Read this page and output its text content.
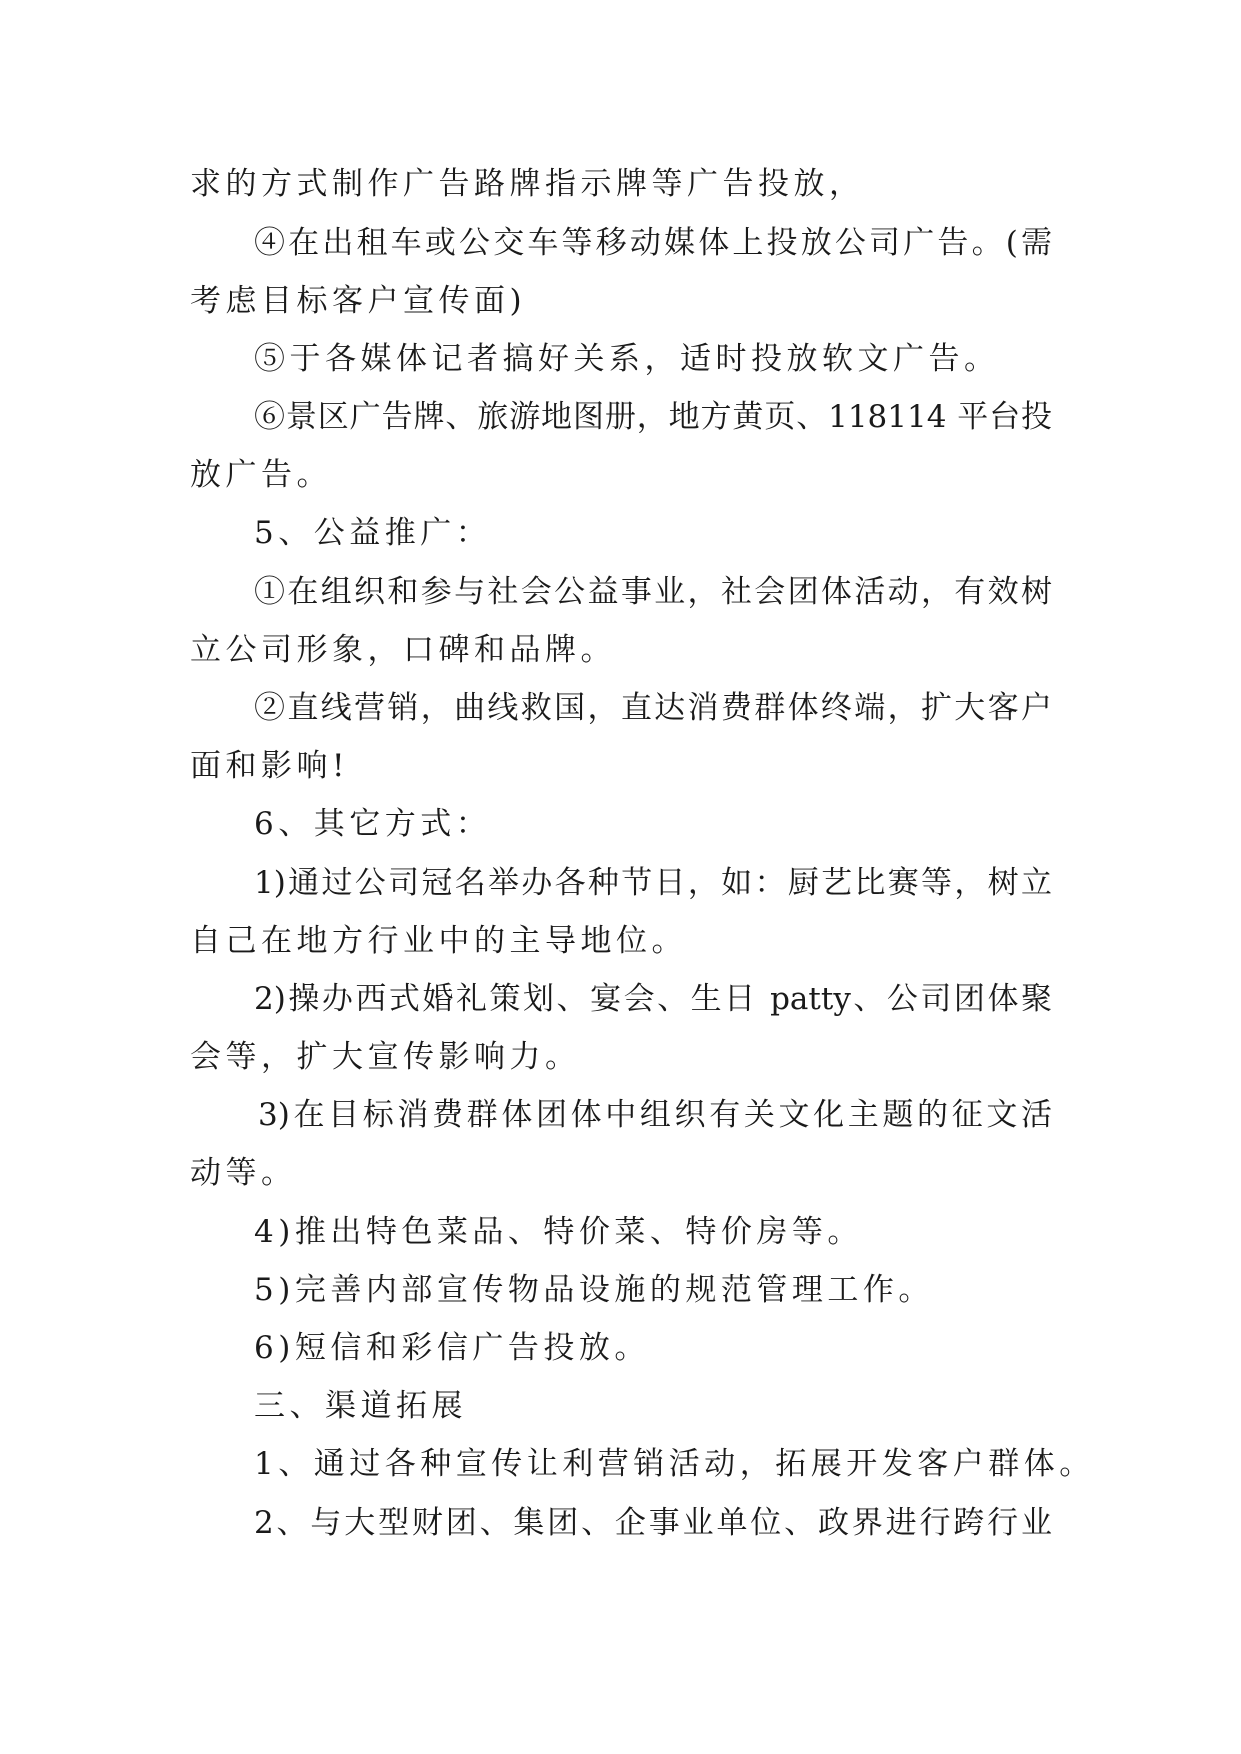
求的方式制作广告路牌指示牌等广告投放，
④在出租车或公交车等移动媒体上投放公司广告。(需
考虑目标客户宣传面)
⑤于各媒体记者搞好关系，适时投放软文广告。
⑥景区广告牌、旅游地图册，地方黄页、118114 平台投
放广告。
5、公益推广：
①在组织和参与社会公益事业，社会团体活动，有效树
立公司形象，口碑和品牌。
②直线营销，曲线救国，直达消费群体终端，扩大客户
面和影响!
6、其它方式：
1)通过公司冠名举办各种节日，如：厨艺比赛等，树立
自己在地方行业中的主导地位。
2)操办西式婚礼策划、宴会、生日 patty、公司团体聚
会等，扩大宣传影响力。
3)在目标消费群体团体中组织有关文化主题的征文活
动等。
4)推出特色菜品、特价菜、特价房等。
5)完善内部宣传物品设施的规范管理工作。
6)短信和彩信广告投放。
三、渠道拓展
1、通过各种宣传让利营销活动，拓展开发客户群体。
2、与大型财团、集团、企事业单位、政界进行跨行业
